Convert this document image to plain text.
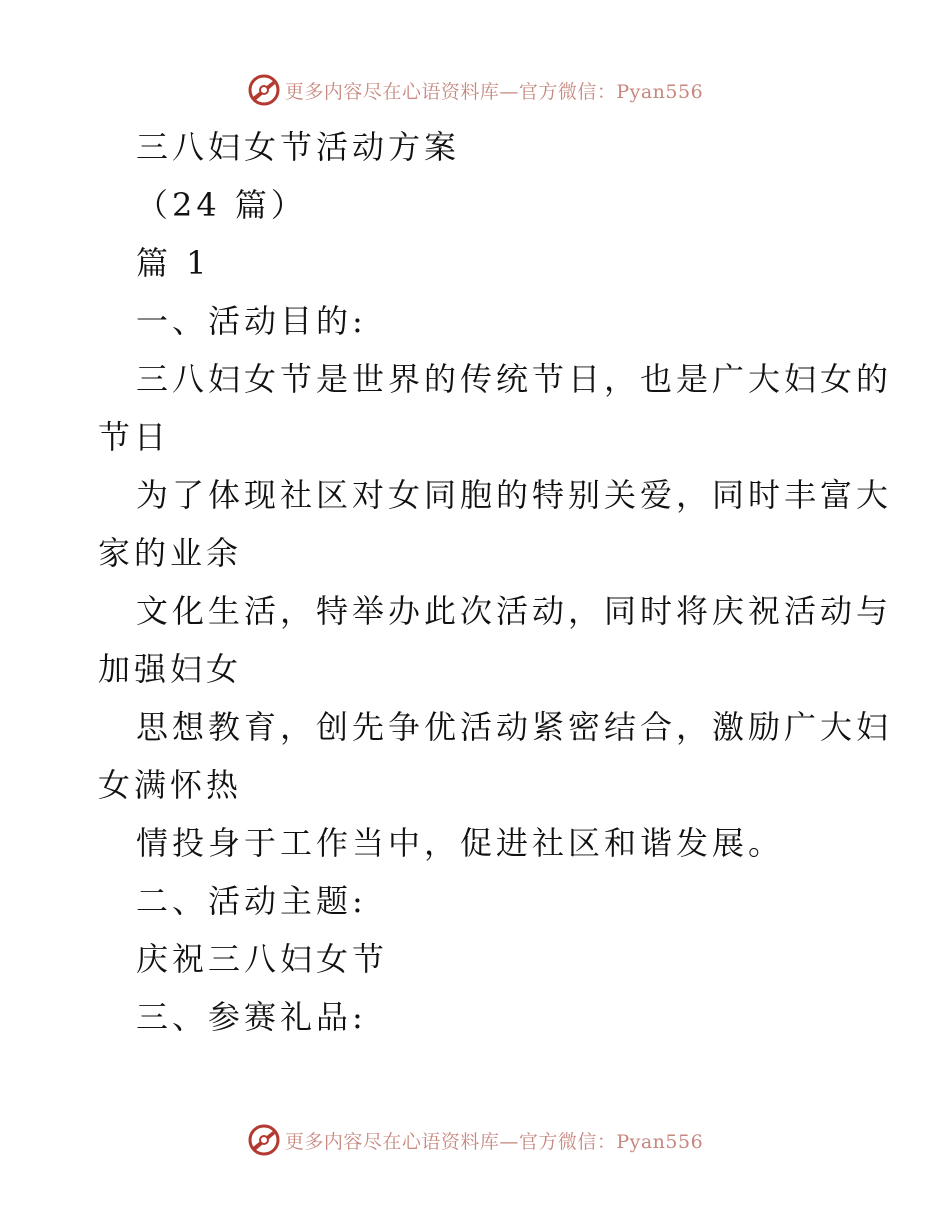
更多内容尽在心语资料库—官方微信：Pyan556

三八妇女节活动方案

（24 篇）

篇 1

一、活动目的:

三八妇女节是世界的传统节日，也是广大妇女的

节日

为了体现社区对女同胞的特别关爱，同时丰富大

家的业余

文化生活，特举办此次活动，同时将庆祝活动与

加强妇女

思想教育，创先争优活动紧密结合，激励广大妇

女满怀热

情投身于工作当中，促进社区和谐发展。

二、活动主题:

庆祝三八妇女节

三、参赛礼品:

更多内容尽在心语资料库—官方微信：Pyan556
